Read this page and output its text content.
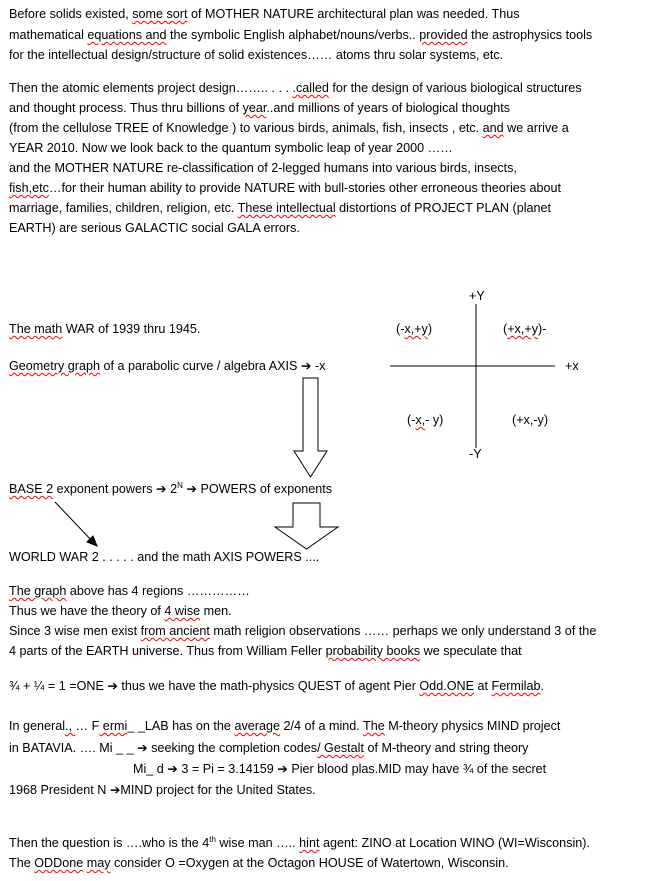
Before solids existed, some sort of MOTHER NATURE architectural plan was needed. Thus
mathematical equations and the symbolic English alphabet/nouns/verbs.. provided the astrophysics tools
for the intellectual design/structure of solid existences…… atoms thru solar systems, etc.
Then the atomic elements project design…….. . . . .called for the design of various biological structures
and thought process. Thus thru billions of year..and millions of years of biological thoughts
(from the cellulose TREE of Knowledge ) to various birds, animals, fish, insects , etc. and we arrive a
YEAR 2010. Now we look back to the quantum symbolic leap of year 2000 ……
and the MOTHER NATURE re-classification of 2-legged humans into various birds, insects,
fish,etc…for their human ability to provide NATURE with bull-stories other erroneous theories about
marriage, families, children, religion, etc. These intellectual distortions of PROJECT PLAN (planet
EARTH) are serious GALACTIC social GALA errors.
+Y
-Y
+x
(-x,+y)	(+x,+y)-
(-x,- y)	(+x,-y)
The math WAR of 1939 thru 1945.
Geometry graph of a parabolic curve / algebra AXIS ➔ -x
BASE 2 exponent powers ➔ $2^N$ ➔ POWERS of exponents
WORLD WAR 2 . . . . . and the math AXIS POWERS ....
The graph above has 4 regions ……………
Thus we have the theory of 4 wise men.
Since 3 wise men exist from ancient math religion observations …… perhaps we only understand 3 of the
4 parts of the EARTH universe. Thus from William Feller probability books we speculate that
¾ + ¼ = 1 =ONE ➔ thus we have the math-physics QUEST of agent Pier Odd.ONE at Fermilab.
In general., … F ermi_ _LAB has on the average 2/4 of a mind. The M-theory physics MIND project
in BATAVIA. …. Mi _ _ ➔ seeking the completion codes/ Gestalt of M-theory and string theory
Mi_ d ➔ 3 = Pi = 3.14159 ➔ Pier blood plas.MID may have ¾ of the secret
1968 President N ➔MIND project for the United States.
Then the question is ….who is the 4th wise man ….. hint agent: ZINO at Location WINO (WI=Wisconsin).
The ODDone may consider O =Oxygen at the Octagon HOUSE of Watertown, Wisconsin.
